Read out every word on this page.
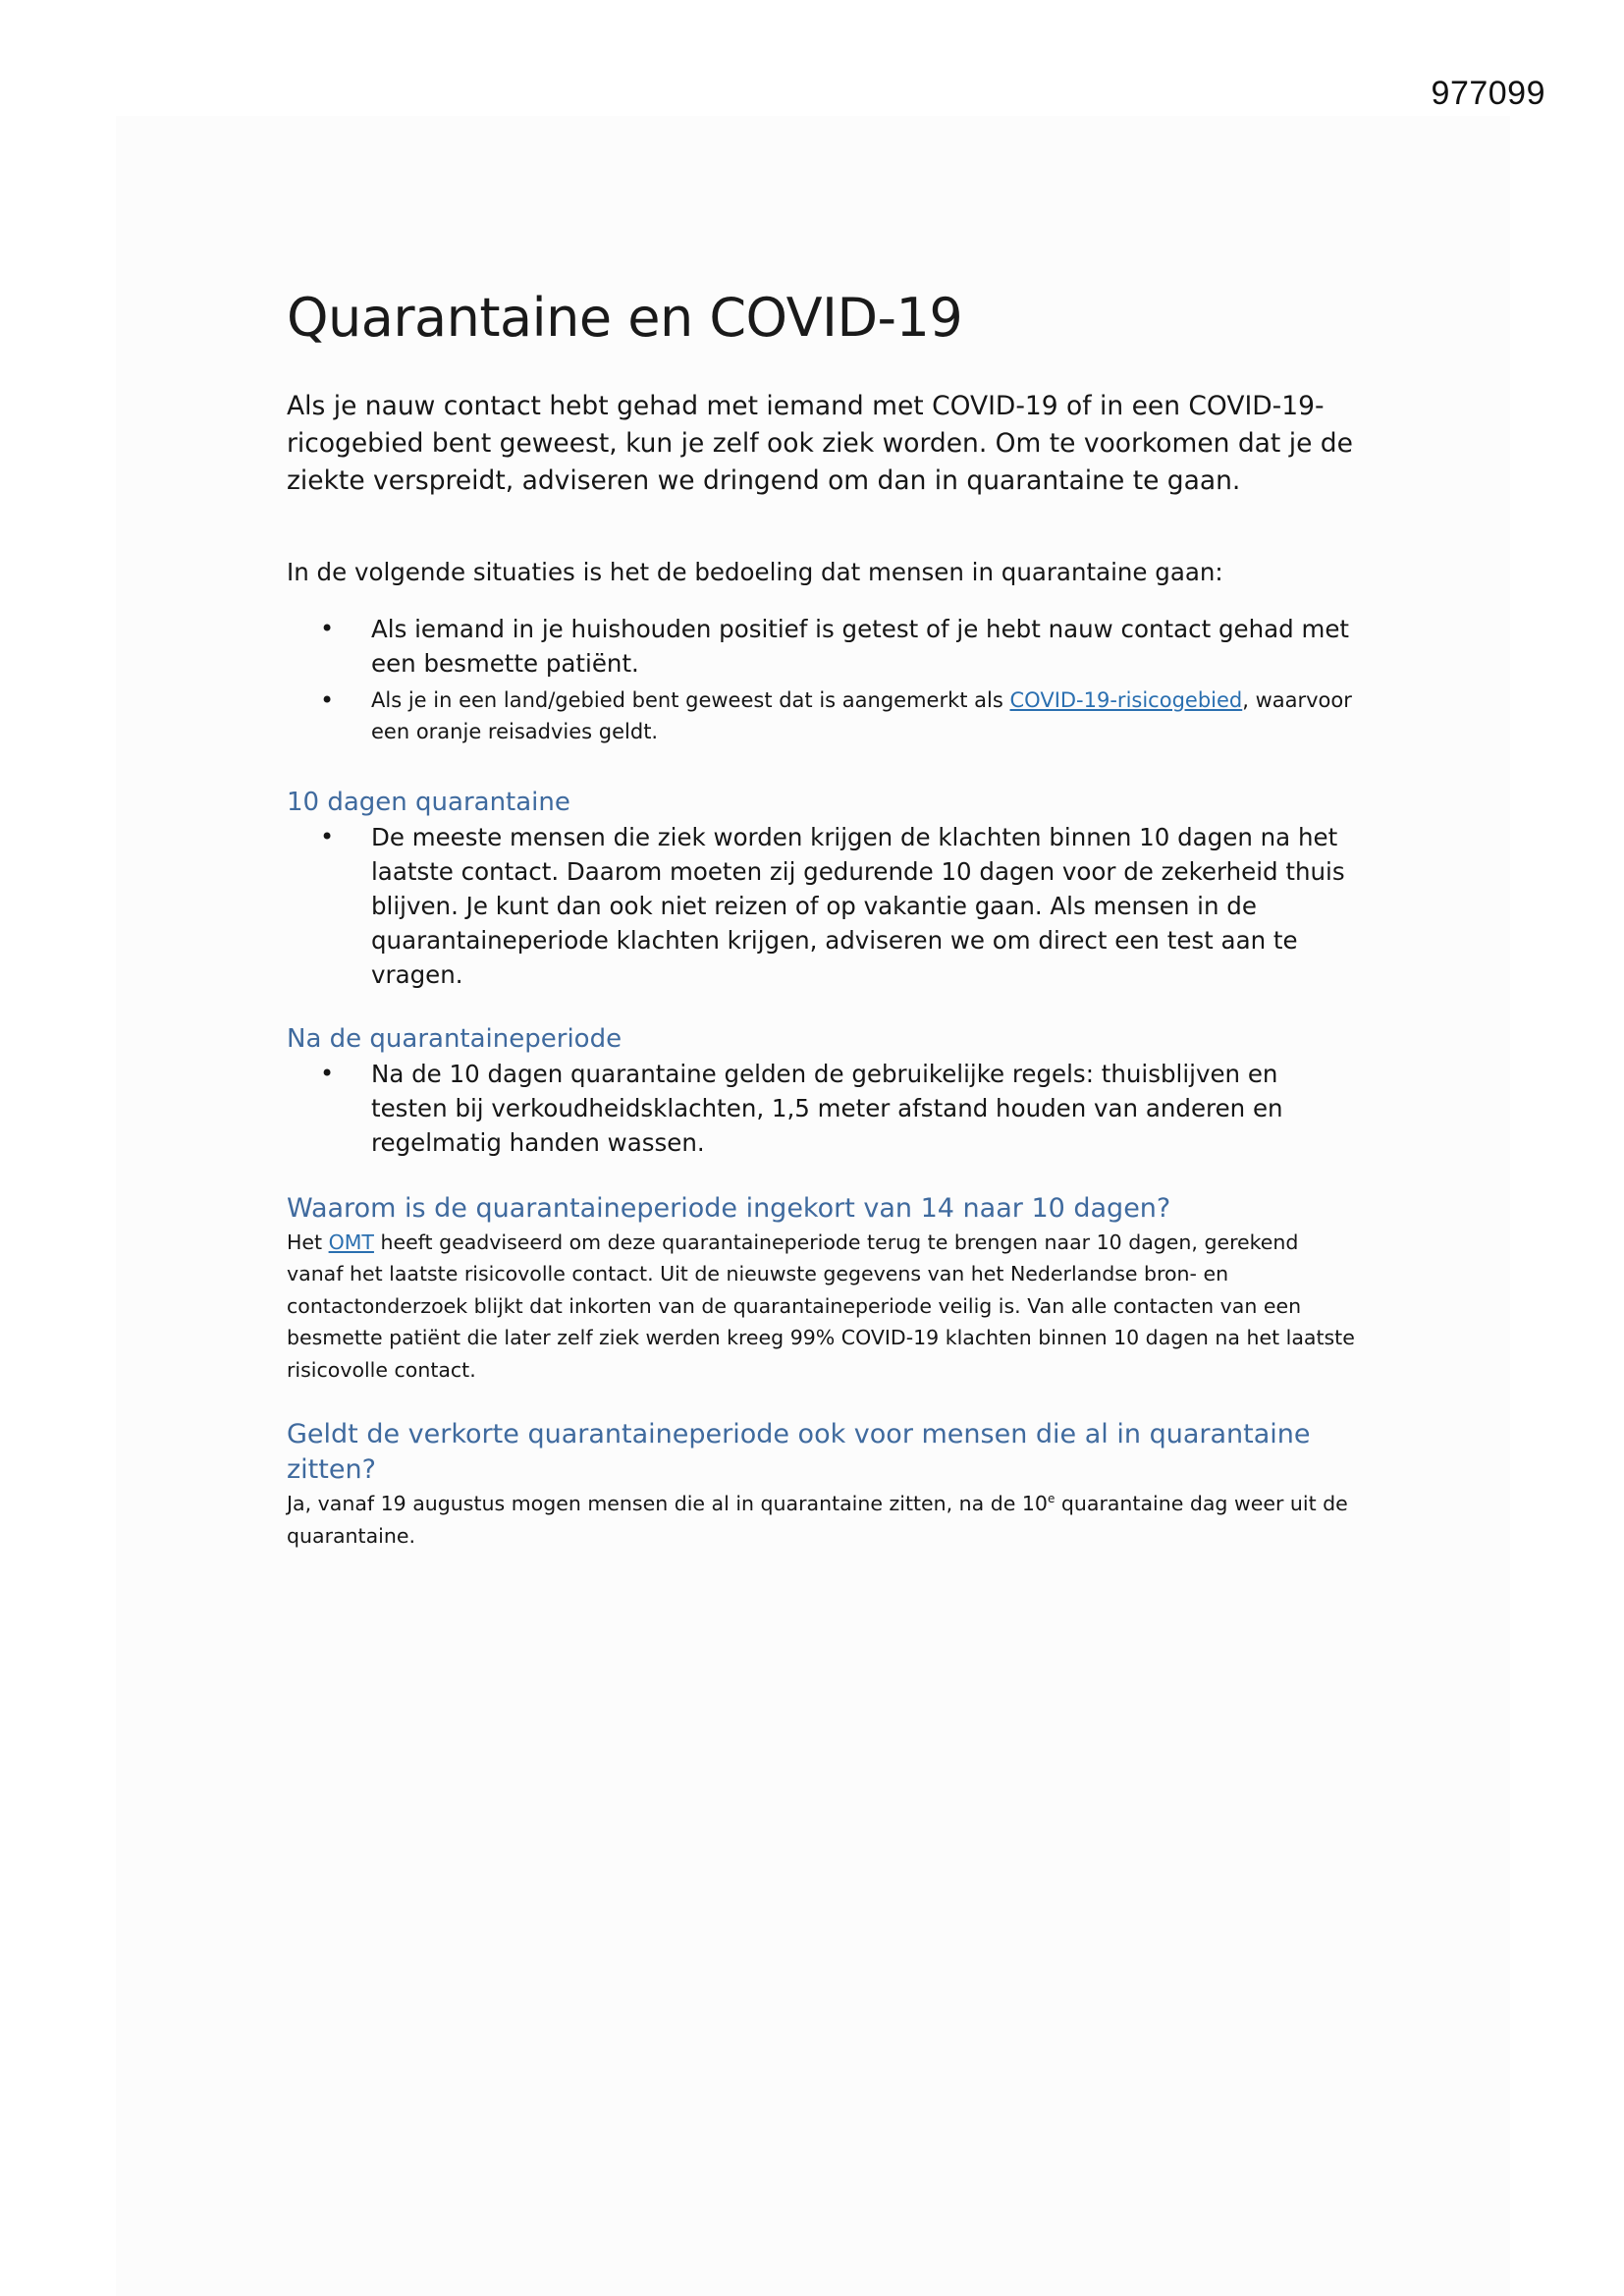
977099
Quarantaine en COVID-19

Als je nauw contact hebt gehad met iemand met COVID-19 of in een COVID-19-ricogebied bent geweest, kun je zelf ook ziek worden. Om te voorkomen dat je de ziekte verspreidt, adviseren we dringend om dan in quarantaine te gaan.

In de volgende situaties is het de bedoeling dat mensen in quarantaine gaan:

• Als iemand in je huishouden positief is getest of je hebt nauw contact gehad met een besmette patiënt.
• Als je in een land/gebied bent geweest dat is aangemerkt als COVID-19-risicogebied, waarvoor een oranje reisadvies geldt.
10 dagen quarantaine
• De meeste mensen die ziek worden krijgen de klachten binnen 10 dagen na het laatste contact. Daarom moeten zij gedurende 10 dagen voor de zekerheid thuis blijven. Je kunt dan ook niet reizen of op vakantie gaan. Als mensen in de quarantaineperiode klachten krijgen, adviseren we om direct een test aan te vragen.
Na de quarantaineperiode
• Na de 10 dagen quarantaine gelden de gebruikelijke regels: thuisblijven en testen bij verkoudheidsklachten, 1,5 meter afstand houden van anderen en regelmatig handen wassen.
Waarom is de quarantaineperiode ingekort van 14 naar 10 dagen?

Het OMT heeft geadviseerd om deze quarantaineperiode terug te brengen naar 10 dagen, gerekend vanaf het laatste risicovolle contact. Uit de nieuwste gegevens van het Nederlandse bron- en contactonderzoek blijkt dat inkorten van de quarantaineperiode veilig is. Van alle contacten van een besmette patiënt die later zelf ziek werden kreeg 99% COVID-19 klachten binnen 10 dagen na het laatste risicovolle contact.

Geldt de verkorte quarantaineperiode ook voor mensen die al in quarantaine zitten?

Ja, vanaf 19 augustus mogen mensen die al in quarantaine zitten, na de 10e quarantaine dag weer uit de quarantaine.
